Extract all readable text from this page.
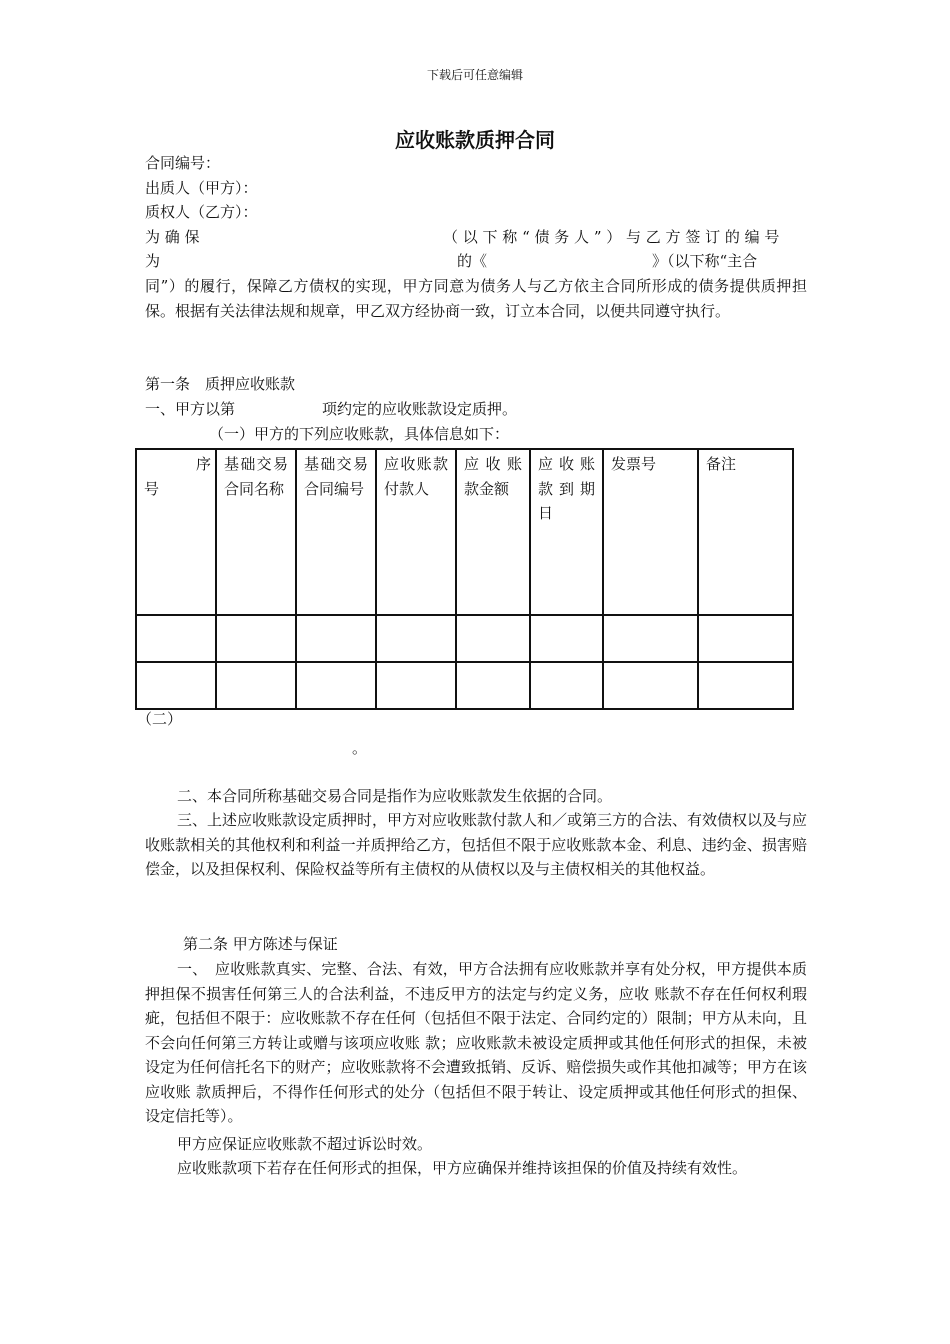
下载后可任意编辑
应收账款质押合同
合同编号：
出质人（甲方）：
质权人（乙方）：
为 确 保	（ 以 下 称 “ 债 务 人 ” ） 与 乙 方 签 订 的 编 号
为	的《	》（以下称“主合
同”）的履行，保障乙方债权的实现，甲方同意为债务人与乙方依主合同所形成的债务提供质押担保。根据有关法律法规和规章，甲乙双方经协商一致，订立本合同，以便共同遵守执行。
第一条　质押应收账款
一、甲方以第	项约定的应收账款设定质押。
（一）甲方的下列应收账款，具体信息如下：
序号	基础交易合同名称	基础交易合同编号	应收账款付款人	应收账款金额	应收账款到期日	发票号	备注

（二）
。
二、本合同所称基础交易合同是指作为应收账款发生依据的合同。
三、上述应收账款设定质押时，甲方对应收账款付款人和／或第三方的合法、有效债权以及与应收账款相关的其他权利和利益一并质押给乙方，包括但不限于应收账款本金、利息、违约金、损害赔偿金，以及担保权利、保险权益等所有主债权的从债权以及与主债权相关的其他权益。
第二条 甲方陈述与保证
一、　应收账款真实、完整、合法、有效，甲方合法拥有应收账款并享有处分权，甲方提供本质押担保不损害任何第三人的合法利益，不违反甲方的法定与约定义务，应收 账款不存在任何权利瑕疵，包括但不限于：应收账款不存在任何（包括但不限于法定、合同约定的）限制；甲方从未向，且不会向任何第三方转让或赠与该项应收账 款；应收账款未被设定质押或其他任何形式的担保，未被设定为任何信托名下的财产；应收账款将不会遭致抵销、反诉、赔偿损失或作其他扣减等；甲方在该应收账 款质押后，不得作任何形式的处分（包括但不限于转让、设定质押或其他任何形式的担保、设定信托等）。
甲方应保证应收账款不超过诉讼时效。
应收账款项下若存在任何形式的担保，甲方应确保并维持该担保的价值及持续有效性。
